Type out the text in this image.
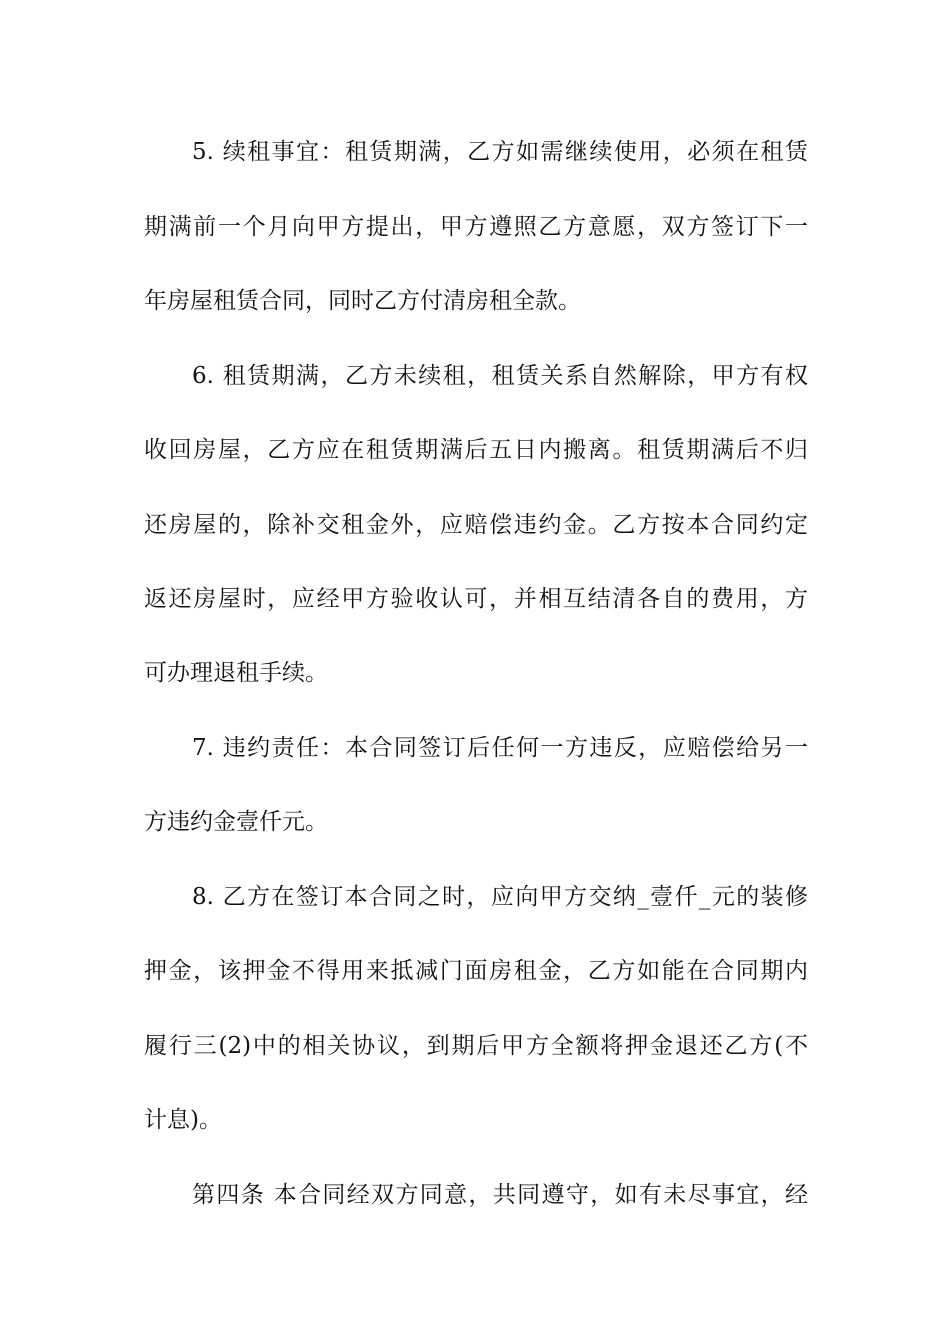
5. 续租事宜：租赁期满，乙方如需继续使用，必须在租赁
期满前一个月向甲方提出，甲方遵照乙方意愿，双方签订下一
年房屋租赁合同，同时乙方付清房租全款。
6. 租赁期满，乙方未续租，租赁关系自然解除，甲方有权
收回房屋，乙方应在租赁期满后五日内搬离。租赁期满后不归
还房屋的，除补交租金外，应赔偿违约金。乙方按本合同约定
返还房屋时，应经甲方验收认可，并相互结清各自的费用，方
可办理退租手续。
7. 违约责任：本合同签订后任何一方违反，应赔偿给另一
方违约金壹仟元。
8. 乙方在签订本合同之时，应向甲方交纳_壹仟_元的装修
押金，该押金不得用来抵减门面房租金，乙方如能在合同期内
履行三(2)中的相关协议，到期后甲方全额将押金退还乙方(不
计息)。
第四条 本合同经双方同意，共同遵守，如有未尽事宜，经
